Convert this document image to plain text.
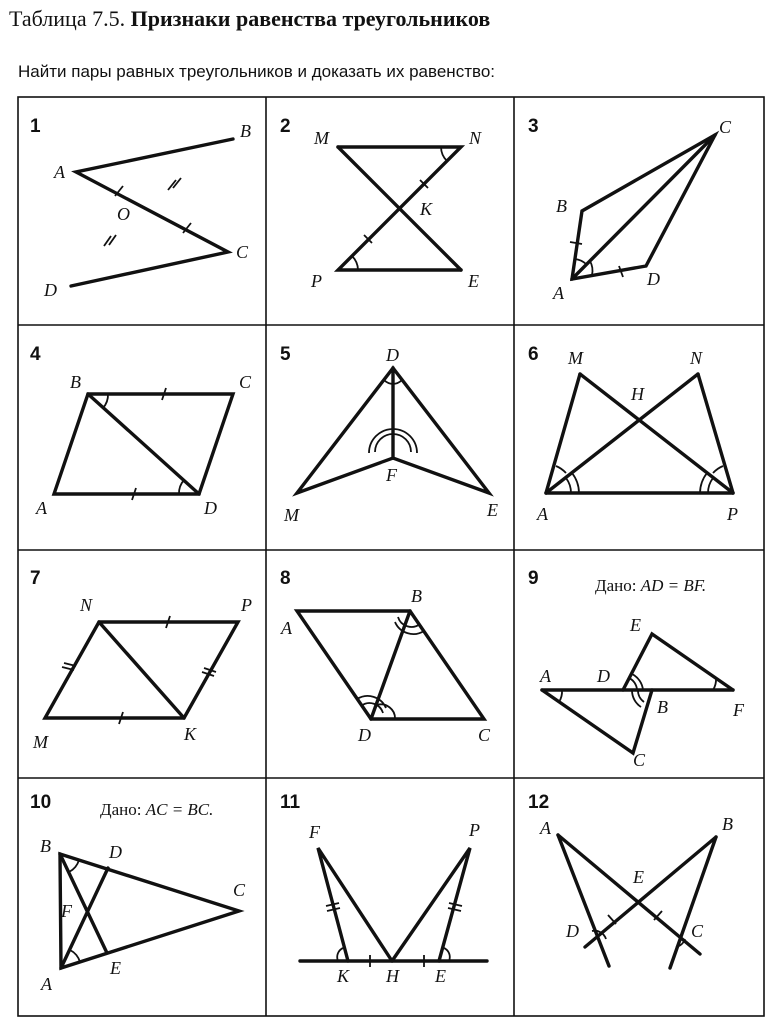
Таблица 7.5. Признаки равенства треугольников
Найти пары равных треугольников и доказать их равенство:
1
A
B
O
C
D
2
M	N
K
P	E
3	C
B
A
D
4
B	C
A	D
5	D
F
M	E
6 M	N
H
A	P
7
N	P
M	K
8
B
A
D	C
9	Дано: AD = BF.
E
A	D
B	F
C
10	Дано: AC = BC.
B	D
F
C
E
A
11
F	P
K H E
12
A	B
E
D	C
